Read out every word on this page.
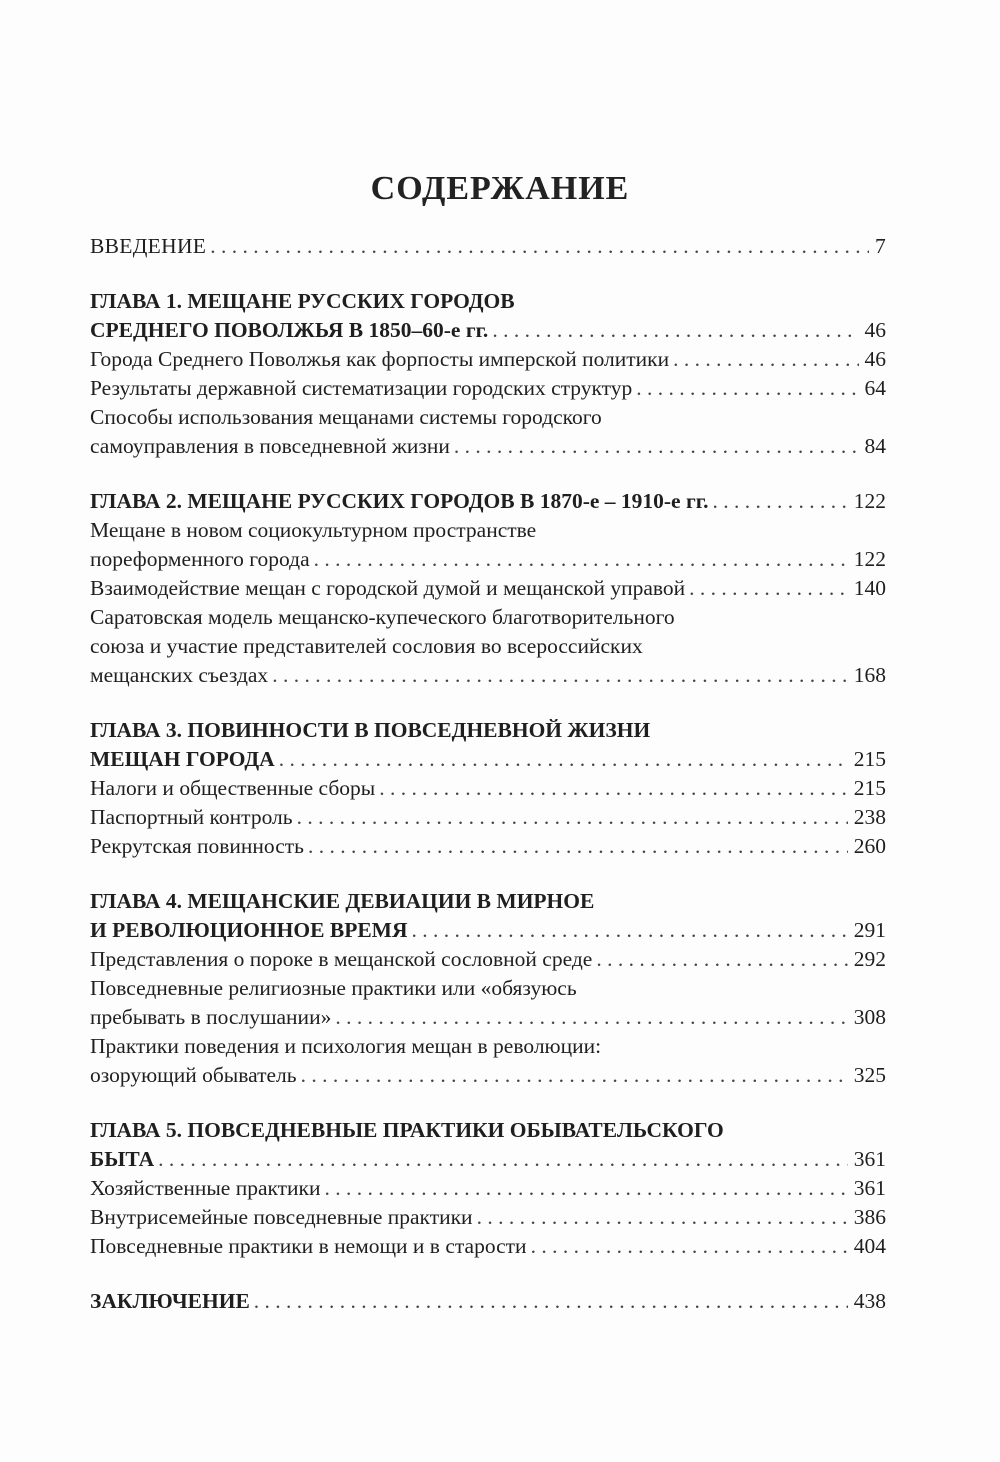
СОДЕРЖАНИЕ
ВВЕДЕНИЕ . . .	7
ГЛАВА 1. МЕЩАНЕ РУССКИХ ГОРОДОВ
СРЕДНЕГО ПОВОЛЖЬЯ В 1850–60-е гг. . . .	46
Города Среднего Поволжья как форпосты имперской политики . . .	46
Результаты державной систематизации городских структур . . .	64
Способы использования мещанами системы городского
самоуправления в повседневной жизни . . .	84
ГЛАВА 2. МЕЩАНЕ РУССКИХ ГОРОДОВ В 1870-е – 1910-е гг. . . .	122
Мещане в новом социокультурном пространстве
пореформенного города . . .	122
Взаимодействие мещан с городской думой и мещанской управой . . .	140
Саратовская модель мещанско-купеческого благотворительного
союза и участие представителей сословия во всероссийских
мещанских съездах . . .	168
ГЛАВА 3. ПОВИННОСТИ В ПОВСЕДНЕВНОЙ ЖИЗНИ
МЕЩАН ГОРОДА . . .	215
Налоги и общественные сборы . . .	215
Паспортный контроль . . .	238
Рекрутская повинность . . .	260
ГЛАВА 4. МЕЩАНСКИЕ ДЕВИАЦИИ В МИРНОЕ
И РЕВОЛЮЦИОННОЕ ВРЕМЯ . . .	291
Представления о пороке в мещанской сословной среде . . .	292
Повседневные религиозные практики или «обязуюсь
пребывать в послушании» . . .	308
Практики поведения и психология мещан в революции:
озорующий обыватель . . .	325
ГЛАВА 5. ПОВСЕДНЕВНЫЕ ПРАКТИКИ ОБЫВАТЕЛЬСКОГО
БЫТА . . .	361
Хозяйственные практики . . .	361
Внутрисемейные повседневные практики . . .	386
Повседневные практики в немощи и в старости . . .	404
ЗАКЛЮЧЕНИЕ . . .	438
